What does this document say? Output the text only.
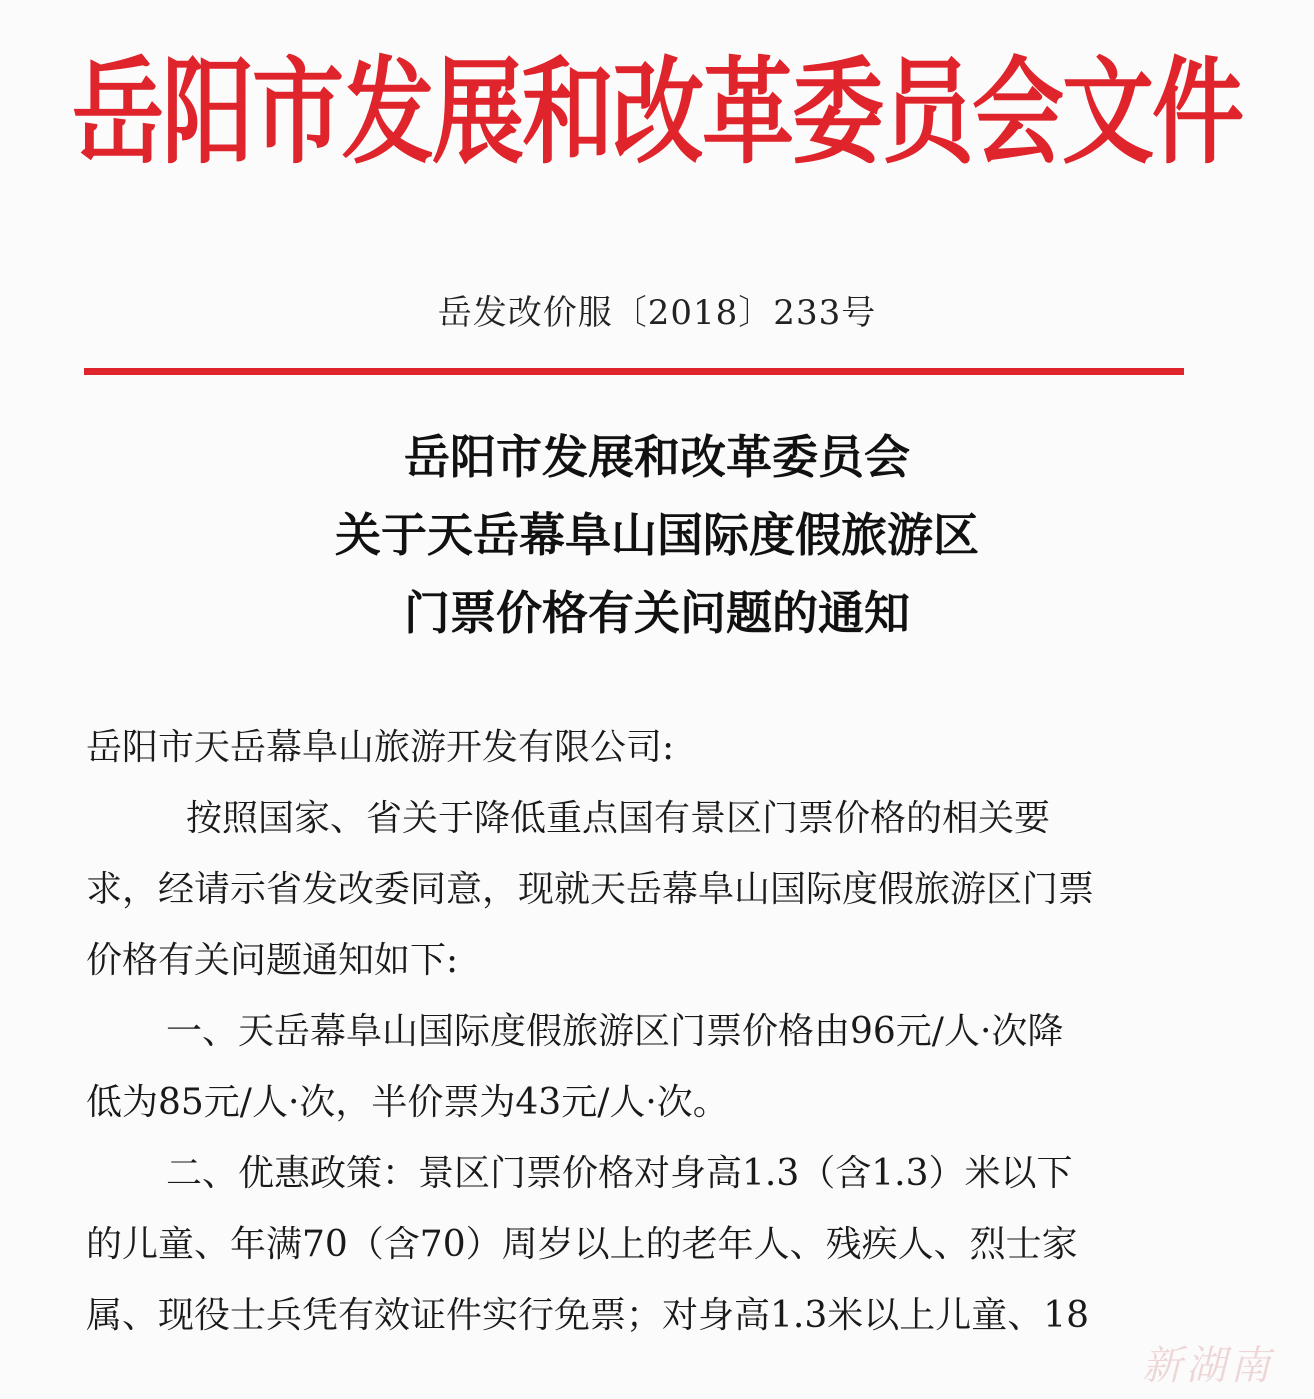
岳阳市发展和改革委员会文件
岳发改价服〔2018〕233号
岳阳市发展和改革委员会
关于天岳幕阜山国际度假旅游区
门票价格有关问题的通知
岳阳市天岳幕阜山旅游开发有限公司:
按照国家、省关于降低重点国有景区门票价格的相关要
求，经请示省发改委同意，现就天岳幕阜山国际度假旅游区门票
价格有关问题通知如下:
一、天岳幕阜山国际度假旅游区门票价格由96元/人·次降
低为85元/人·次，半价票为43元/人·次。
二、优惠政策：景区门票价格对身高1.3（含1.3）米以下
的儿童、年满70（含70）周岁以上的老年人、残疾人、烈士家
属、现役士兵凭有效证件实行免票；对身高1.3米以上儿童、18
新湖南
